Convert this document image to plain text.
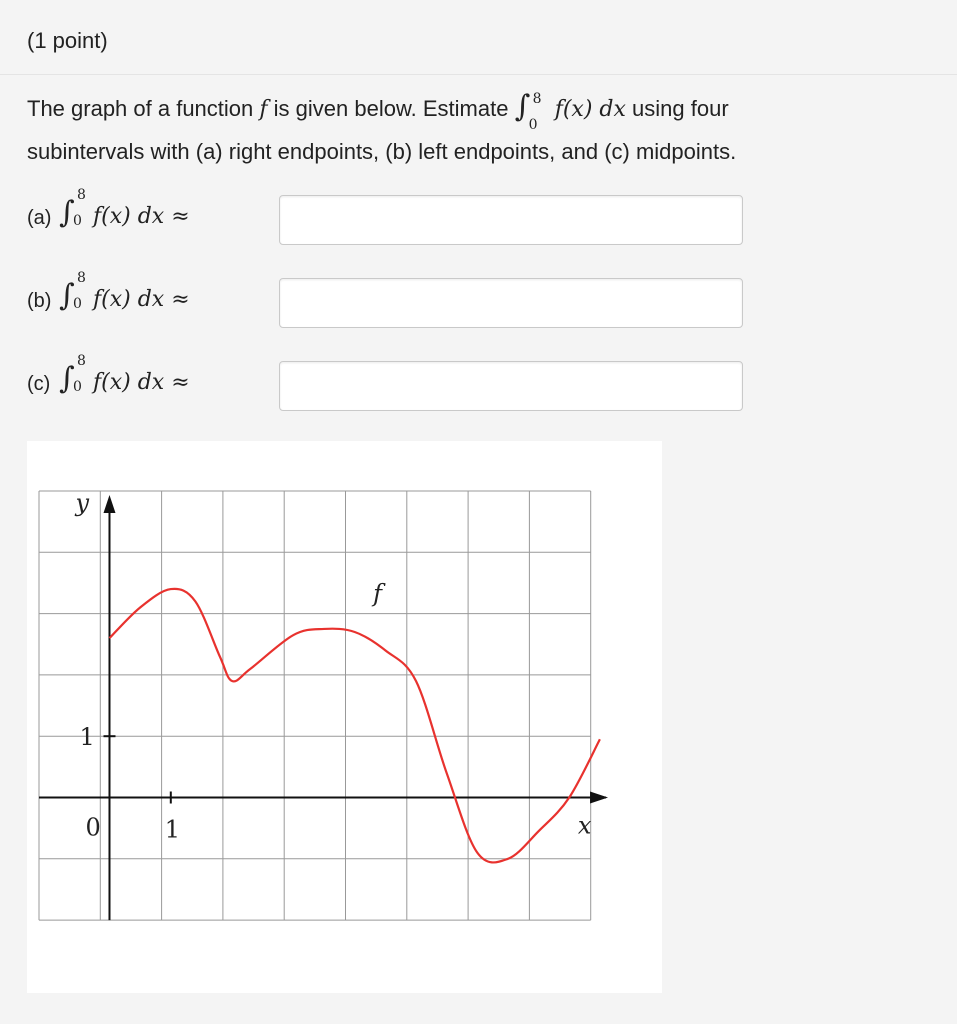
(1 point)
The graph of a function f is given below. Estimate ∫ 8
0
f(x) dx using four
subintervals with (a) right endpoints, (b) left endpoints, and (c) midpoints.
(a) ∫ 8
0 f(x) dx ≈
(b) ∫ 8
0 f(x) dx ≈
(c) ∫ 8
0 f(x) dx ≈
y
x
0	1
1
f
